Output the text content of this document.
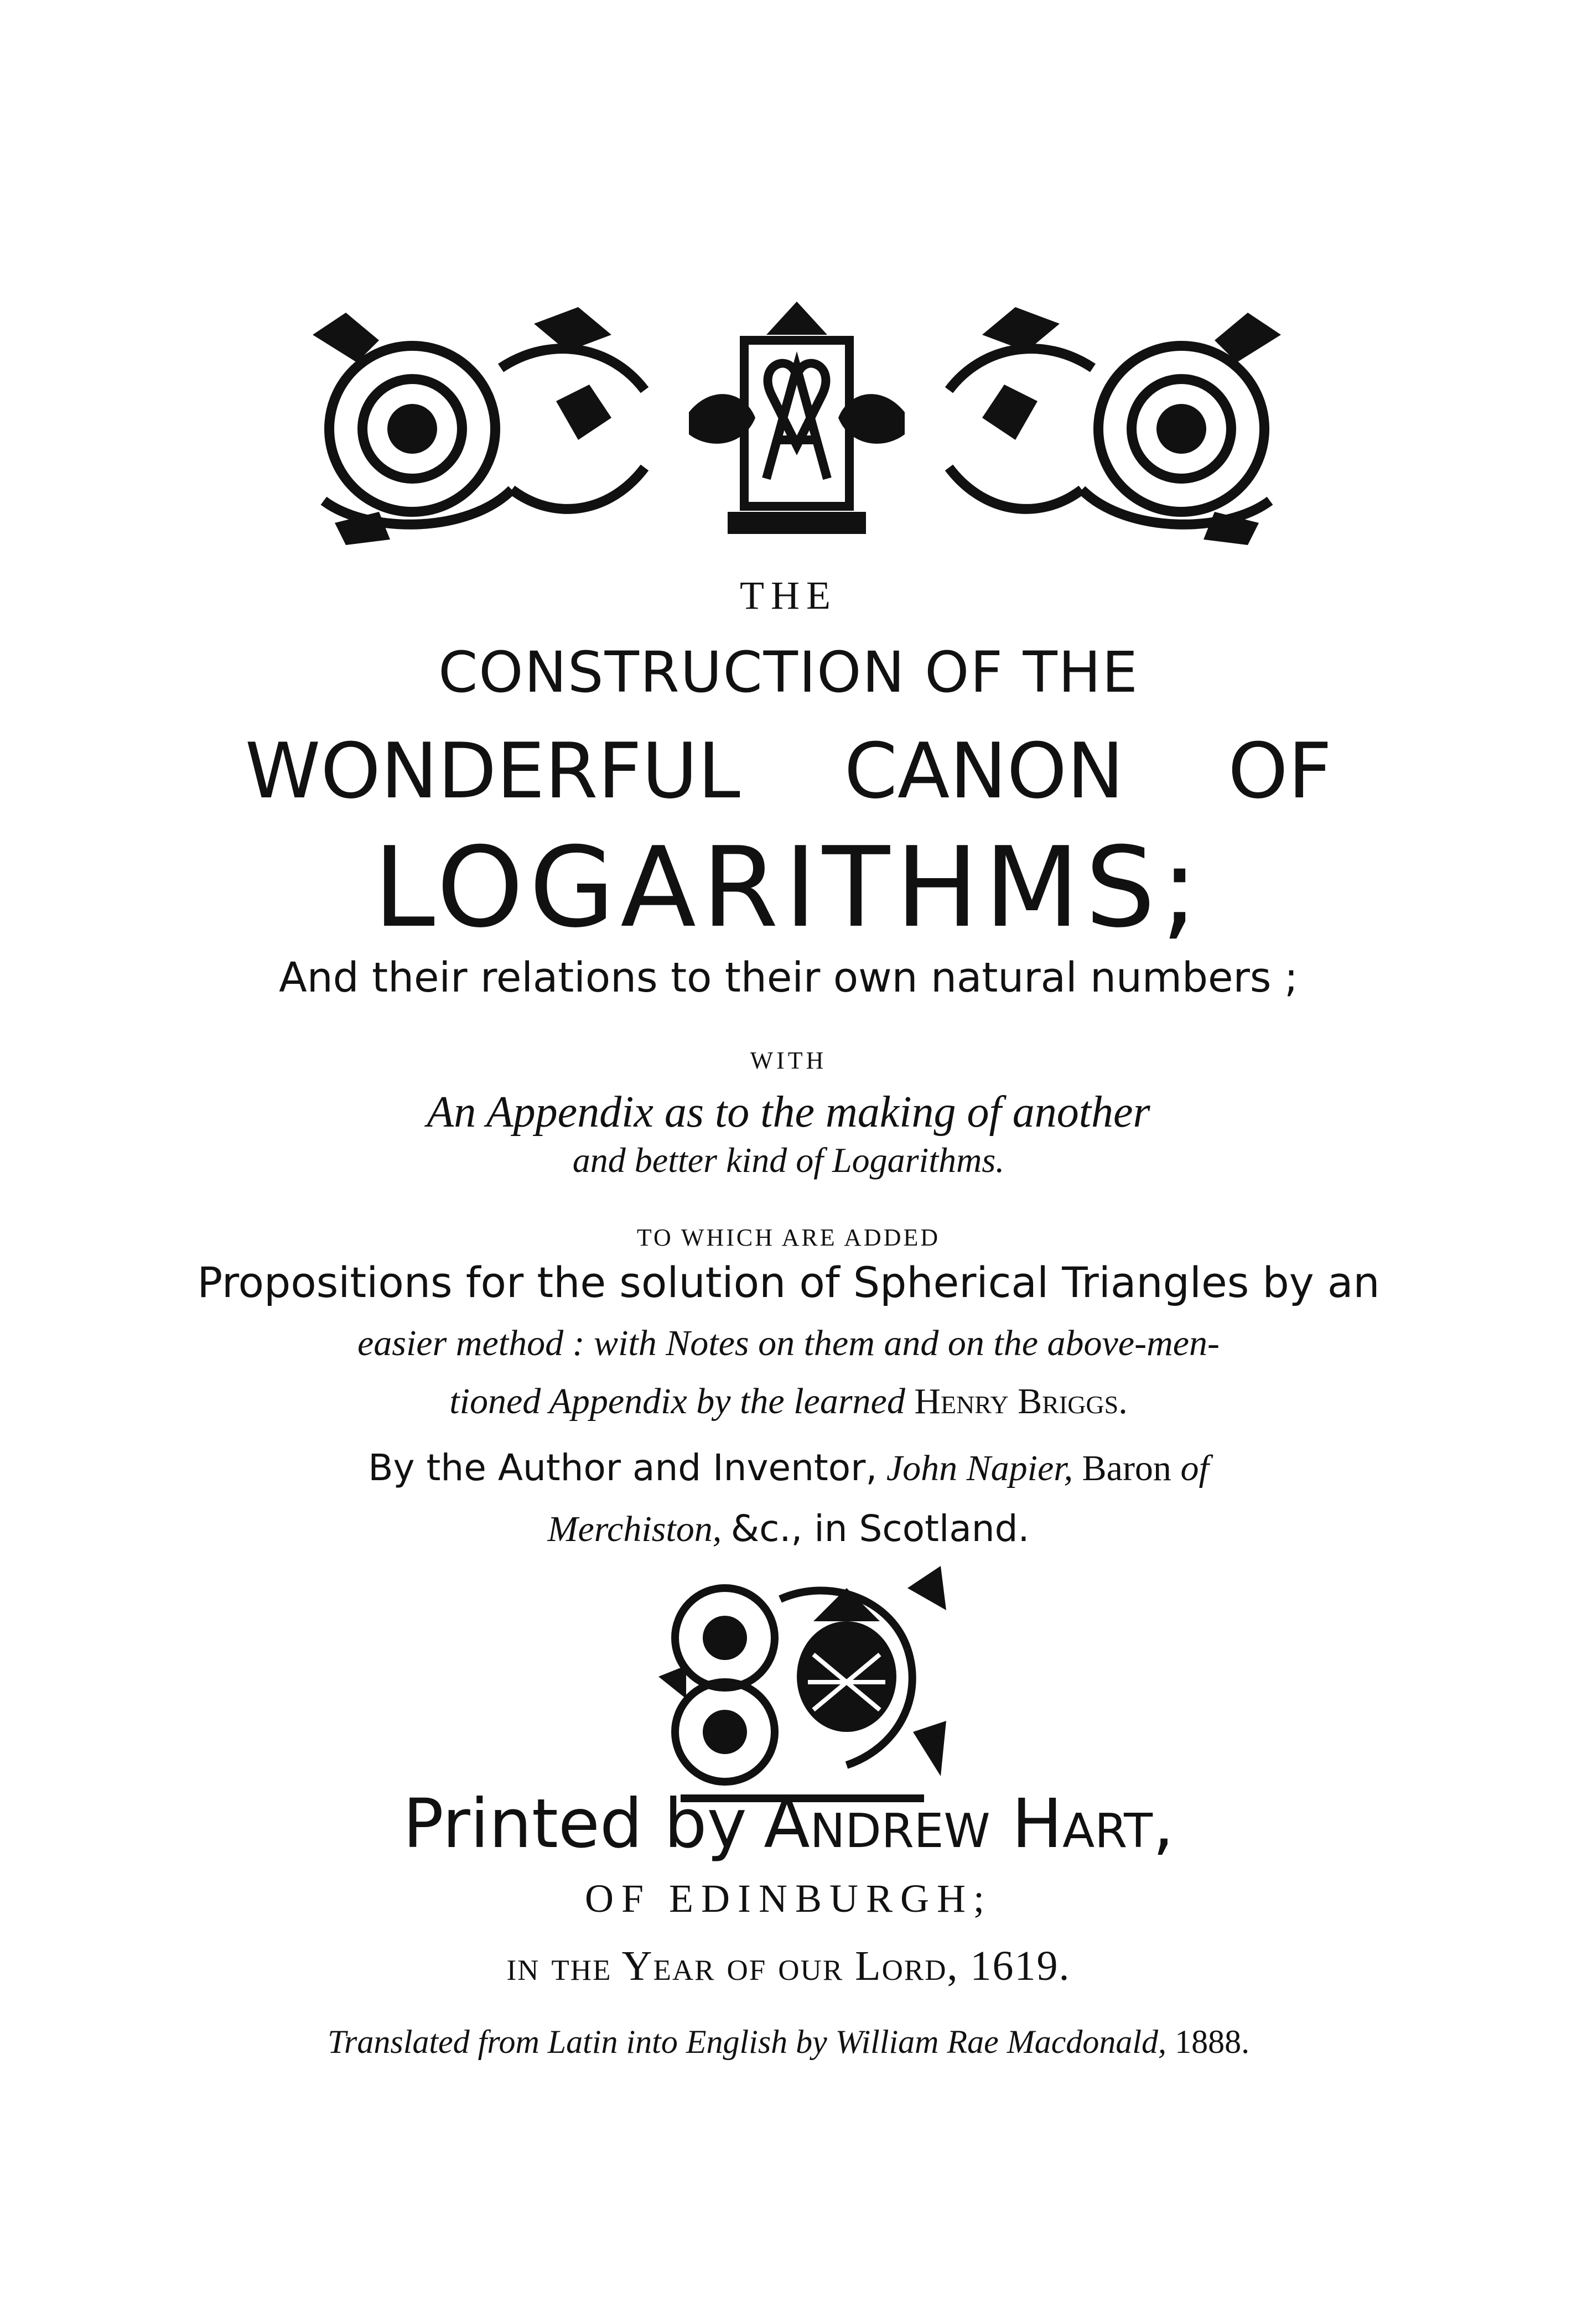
THE
CONSTRUCTION OF THE
WONDERFUL CANON OF
LOGARITHMS;
And their relations to their own natural numbers ;
WITH
An Appendix as to the making of another
and better kind of Logarithms.
TO WHICH ARE ADDED
Propositions for the solution of Spherical Triangles by an
easier method : with Notes on them and on the above-men-
tioned Appendix by the learned Henry Briggs.
By the Author and Inventor, John Napier, Baron of
Merchiston, &c., in Scotland.
Printed by Andrew Hart,
OF EDINBURGH;
in the Year of our Lord, 1619.
Translated from Latin into English by William Rae Macdonald, 1888.
